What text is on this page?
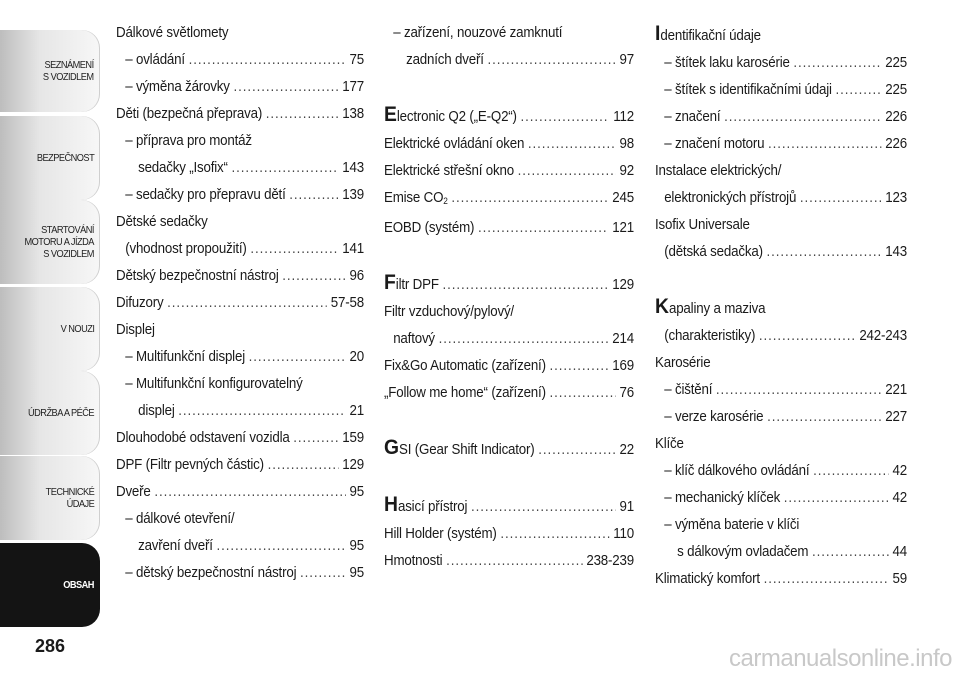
SEZNÁMENÍ
S VOZIDLEM
BEZPEČNOST
STARTOVÁNÍ
MOTORU A JÍZDA
S VOZIDLEM
V NOUZI
ÚDRŽBA A PÉČE
TECHNICKÉ
ÚDAJE
OBSAH
286
Dálkové světlomety
– ovládání .....	75
– výměna žárovky .....	177
Děti (bezpečná přeprava) .....	138
– příprava pro montáž
sedačky „Isofix“ .....	143
– sedačky pro přepravu dětí .....	139
Dětské sedačky
(vhodnost propoužití) .....	141
Dětský bezpečnostní nástroj .....	96
Difuzory .....	57-58
Displej
– Multifunkční displej .....	20
– Multifunkční konfigurovatelný
displej .....	21
Dlouhodobé odstavení vozidla .....	159
DPF (Filtr pevných částic) .....	129
Dveře .....	95
– dálkové otevření/
zavření dveří .....	95
– dětský bezpečnostní nástroj .....	95
– zařízení, nouzové zamknutí
zadních dveří .....	97
Electronic Q2 („E-Q2“) .....	112
Elektrické ovládání oken .....	98
Elektrické střešní okno .....	92
Emise $CO_2$ .....	245
EOBD (systém) .....	121
Filtr DPF .....	129
Filtr vzduchový/pylový/
naftový .....	214
Fix&Go Automatic (zařízení) .....	169
„Follow me home“ (zařízení) .....	76
GSI (Gear Shift Indicator) .....	22
Hasicí přístroj .....	91
Hill Holder (systém) .....	110
Hmotnosti .....	238-239
Identifikační údaje
– štítek laku karosérie .....	225
– štítek s identifikačními údaji .....	225
– značení .....	226
– značení motoru .....	226
Instalace elektrických/
elektronických přístrojů .....	123
Isofix Universale
(dětská sedačka) .....	143
Kapaliny a maziva
(charakteristiky) .....	242-243
Karosérie
– čištění .....	221
– verze karosérie .....	227
Klíče
– klíč dálkového ovládání .....	42
– mechanický klíček .....	42
– výměna baterie v klíči
s dálkovým ovladačem .....	44
Klimatický komfort .....	59
carmanualsonline.info
